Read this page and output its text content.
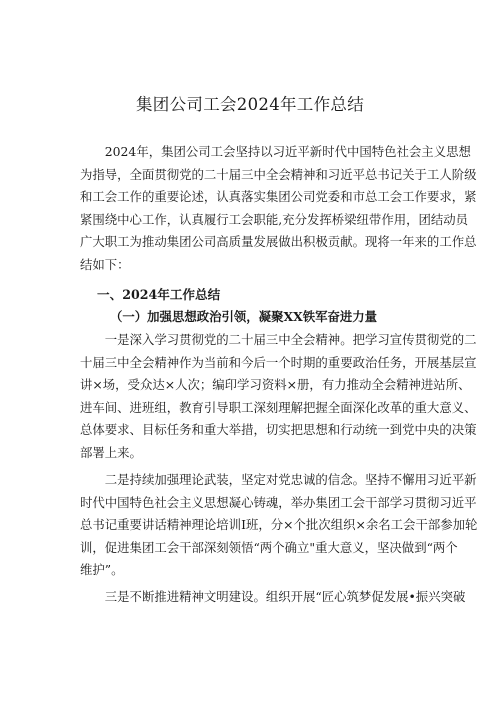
集团公司工会2024年工作总结
　　2024年，集团公司工会坚持以习近平新时代中国特色社会主义思想
为指导，全面贯彻党的二十届三中全会精神和习近平总书记关于工人阶级
和工会工作的重要论述，认真落实集团公司党委和市总工会工作要求，紧
紧围绕中心工作，认真履行工会职能,充分发挥桥梁纽带作用，团结动员
广大职工为推动集团公司高质量发展做出积极贡献。现将一年来的工作总
结如下：
一、2024年工作总结
（一）加强思想政治引领，凝聚XX铁军奋进力量
　　一是深入学习贯彻党的二十届三中全会精神。把学习宣传贯彻党的二
十届三中全会精神作为当前和今后一个时期的重要政治任务，开展基层宣
讲×场，受众达×人次；编印学习资料×册，有力推动全会精神进站所、
进车间、进班组，教育引导职工深刻理解把握全面深化改革的重大意义、
总体要求、目标任务和重大举措，切实把思想和行动统一到党中央的决策
部署上来。
　　二是持续加强理论武装，坚定对党忠诚的信念。坚持不懈用习近平新
时代中国特色社会主义思想凝心铸魂，举办集团工会干部学习贯彻习近平
总书记重要讲话精神理论培训I班，分×个批次组织×余名工会干部参加轮
训，促进集团工会干部深刻领悟“两个确立"重大意义，坚决做到“两个
维护”。
　　三是不断推进精神文明建设。组织开展“匠心筑梦促发展•振兴突破
